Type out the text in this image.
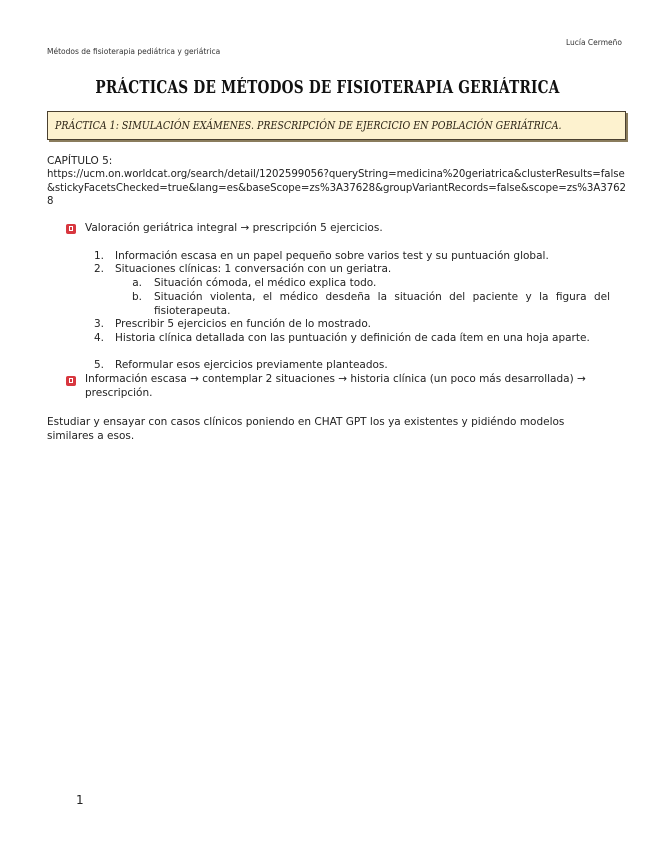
Lucía Cermeño
Métodos de fisioterapia pediátrica y geriátrica
PRÁCTICAS DE MÉTODOS DE FISIOTERAPIA GERIÁTRICA
PRÁCTICA 1: SIMULACIÓN EXÁMENES. PRESCRIPCIÓN DE EJERCICIO EN POBLACIÓN GERIÁTRICA.
CAPÍTULO 5:
https://ucm.on.worldcat.org/search/detail/1202599056?queryString=medicina%20geriatrica&clusterResults=false&stickyFacetsChecked=true&lang=es&baseScope=zs%3A37628&groupVariantRecords=false&scope=zs%3A37628
Valoración geriátrica integral → prescripción 5 ejercicios.
1. Información escasa en un papel pequeño sobre varios test y su puntuación global.
2. Situaciones clínicas: 1 conversación con un geriatra.
a. Situación cómoda, el médico explica todo.
b. Situación violenta, el médico desdeña la situación del paciente y la figura del fisioterapeuta.
3. Prescribir 5 ejercicios en función de lo mostrado.
4. Historia clínica detallada con las puntuación y definición de cada ítem en una hoja aparte.
5. Reformular esos ejercicios previamente planteados.
Información escasa → contemplar 2 situaciones → historia clínica (un poco más desarrollada) → prescripción.
Estudiar y ensayar con casos clínicos poniendo en CHAT GPT los ya existentes y pidiéndo modelos similares a esos.
1
